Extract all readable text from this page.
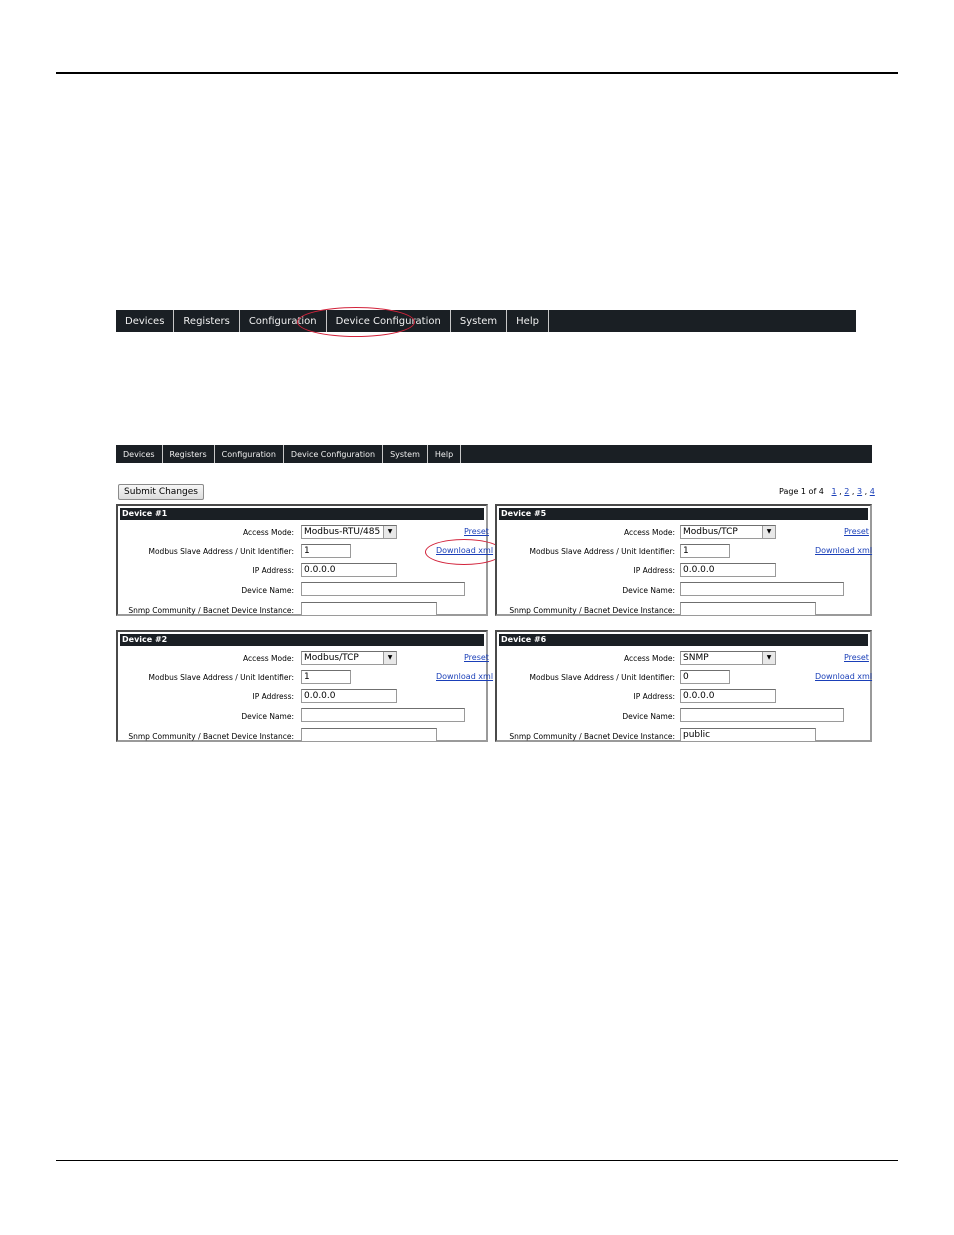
Devices	Registers	Configuration	Device Configuration	System	Help
Devices	Registers	Configuration	Device Configuration	System	Help
Submit Changes	Page 1 of 4 1 , 2 , 3 , 4
Device #1
Access Mode:	Modbus-RTU/485	▼	Preset
Modbus Slave Address / Unit Identifier:	1	Download xml
IP Address:	0.0.0.0
Device Name:
Snmp Community / Bacnet Device Instance:
Device #5
Access Mode: Modbus/TCP	▼	Preset
Modbus Slave Address / Unit Identifier: 1	Download xml
IP Address: 0.0.0.0
Device Name:
Snmp Community / Bacnet Device Instance:
Device #2
Access Mode:	Modbus/TCP	▼	Preset
Modbus Slave Address / Unit Identifier:	1	Download xml
IP Address:	0.0.0.0
Device Name:
Snmp Community / Bacnet Device Instance:
Device #6
Access Mode: SNMP	▼	Preset
Modbus Slave Address / Unit Identifier: 0	Download xml
IP Address: 0.0.0.0
Device Name:
Snmp Community / Bacnet Device Instance: public
